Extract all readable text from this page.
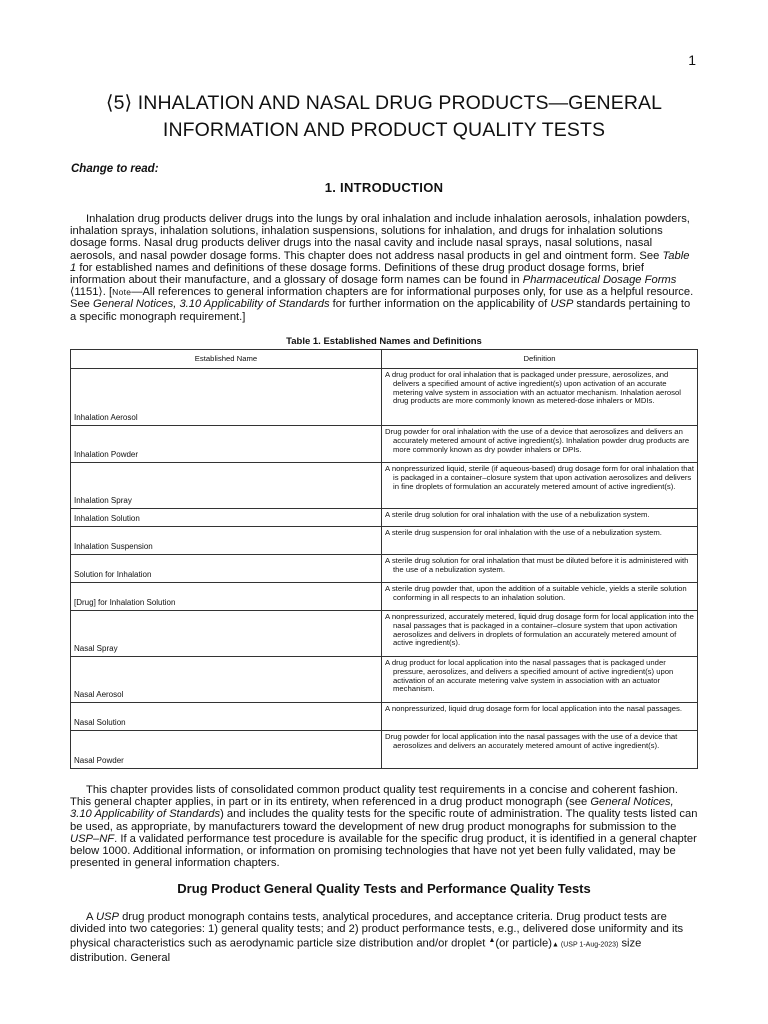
1
⟨5⟩ INHALATION AND NASAL DRUG PRODUCTS—GENERAL
INFORMATION AND PRODUCT QUALITY TESTS
Change to read:
1. INTRODUCTION

Inhalation drug products deliver drugs into the lungs by oral inhalation and include inhalation aerosols, inhalation powders, inhalation sprays, inhalation solutions, inhalation suspensions, solutions for inhalation, and drugs for inhalation solutions dosage forms. Nasal drug products deliver drugs into the nasal cavity and include nasal sprays, nasal solutions, nasal aerosols, and nasal powder dosage forms. This chapter does not address nasal products in gel and ointment form. See Table 1 for established names and definitions of these dosage forms. Definitions of these drug product dosage forms, brief information about their manufacture, and a glossary of dosage form names can be found in Pharmaceutical Dosage Forms ⟨1151⟩. [Note—All references to general information chapters are for informational purposes only, for use as a helpful resource. See General Notices, 3.10 Applicability of Standards for further information on the applicability of USP standards pertaining to a specific monograph requirement.]

Table 1. Established Names and Definitions
Established Name	Definition
Inhalation Aerosol	A drug product for oral inhalation that is packaged under pressure, aerosolizes, and delivers a specified amount of active ingredient(s) upon activation of an accurate metering valve system in association with an actuator mechanism. Inhalation aerosol drug products are more commonly known as metered-dose inhalers or MDIs.

Inhalation Powder	Drug powder for oral inhalation with the use of a device that aerosolizes and delivers an accurately metered amount of active ingredient(s). Inhalation powder drug products are more commonly known as dry powder inhalers or DPIs.

Inhalation Spray	A nonpressurized liquid, sterile (if aqueous-based) drug dosage form for oral inhalation that is packaged in a container–closure system that upon activation aerosolizes and delivers in fine droplets of formulation an accurately metered amount of active ingredient(s).

Inhalation Solution	A sterile drug solution for oral inhalation with the use of a nebulization system.

Inhalation Suspension	A sterile drug suspension for oral inhalation with the use of a nebulization system.

Solution for Inhalation	A sterile drug solution for oral inhalation that must be diluted before it is administered with the use of a nebulization system.

[Drug] for Inhalation Solution	A sterile drug powder that, upon the addition of a suitable vehicle, yields a sterile solution conforming in all respects to an inhalation solution.

Nasal Spray	A nonpressurized, accurately metered, liquid drug dosage form for local application into the nasal passages that is packaged in a container–closure system that upon activation aerosolizes and delivers in droplets of formulation an accurately metered amount of active ingredient(s).

Nasal Aerosol	A drug product for local application into the nasal passages that is packaged under pressure, aerosolizes, and delivers a specified amount of active ingredient(s) upon activation of an accurate metering valve system in association with an actuator mechanism.

Nasal Solution	A nonpressurized, liquid drug dosage form for local application into the nasal passages.

Nasal Powder	Drug powder for local application into the nasal passages with the use of a device that aerosolizes and delivers an accurately metered amount of active ingredient(s).

This chapter provides lists of consolidated common product quality test requirements in a concise and coherent fashion. This general chapter applies, in part or in its entirety, when referenced in a drug product monograph (see General Notices, 3.10 Applicability of Standards) and includes the quality tests for the specific route of administration. The quality tests listed can be used, as appropriate, by manufacturers toward the development of new drug product monographs for submission to the USP–NF. If a validated performance test procedure is available for the specific drug product, it is identified in a general chapter below 1000. Additional information, or information on promising technologies that have not yet been fully validated, may be presented in general information chapters.

Drug Product General Quality Tests and Performance Quality Tests

A USP drug product monograph contains tests, analytical procedures, and acceptance criteria. Drug product tests are divided into two categories: 1) general quality tests; and 2) product performance tests, e.g., delivered dose uniformity and its physical characteristics such as aerodynamic particle size distribution and/or droplet ▲(or particle)▲ (USP 1-Aug-2023) size distribution. General
